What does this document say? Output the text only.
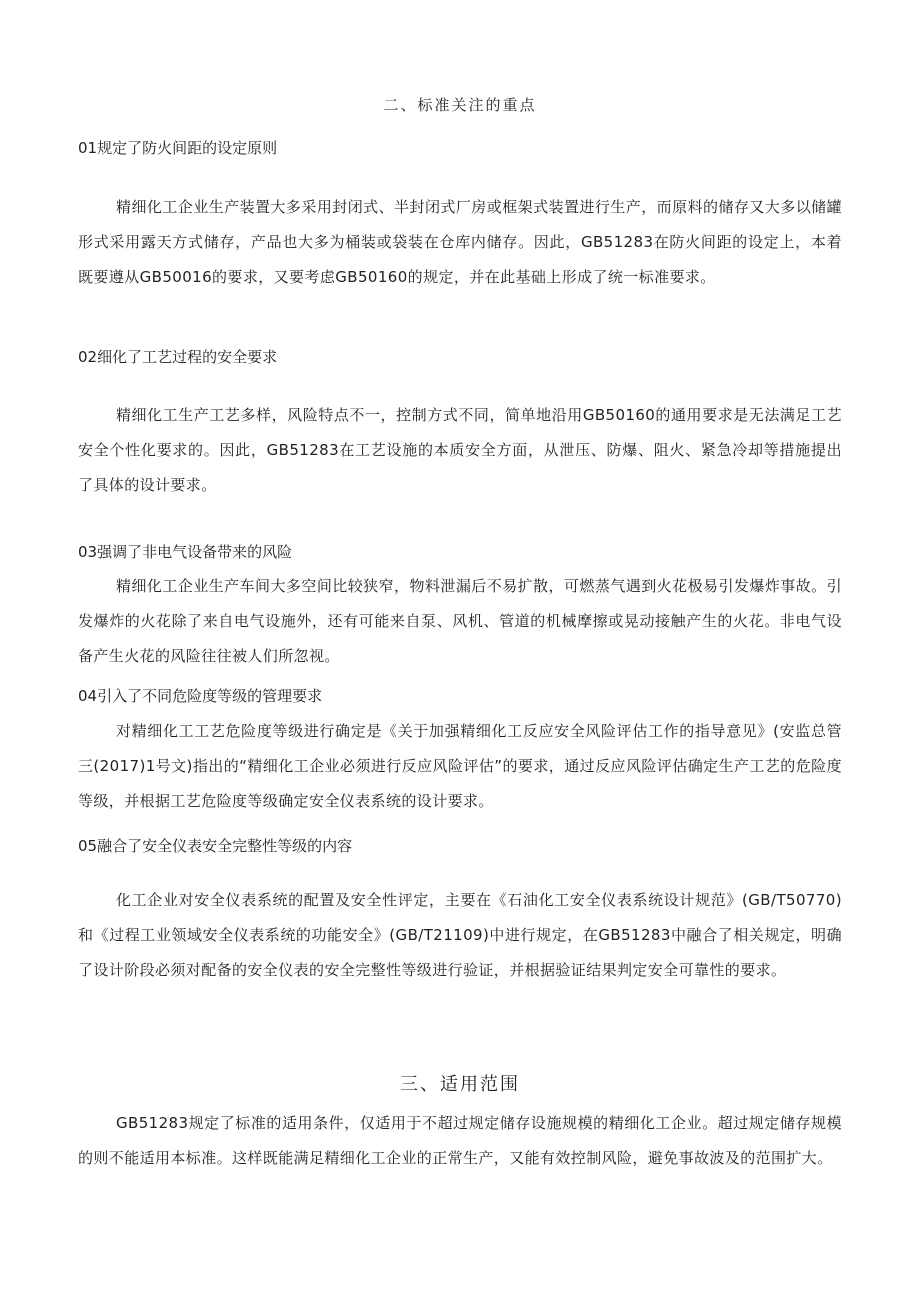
二、标准关注的重点
01规定了防火间距的设定原则

精细化工企业生产装置大多采用封闭式、半封闭式厂房或框架式装置进行生产，而原料的储存又大多以储罐形式采用露天方式储存，产品也大多为桶装或袋装在仓库内储存。因此，GB51283在防火间距的设定上，本着既要遵从GB50016的要求，又要考虑GB50160的规定，并在此基础上形成了统一标准要求。

02细化了工艺过程的安全要求

精细化工生产工艺多样，风险特点不一，控制方式不同，简单地沿用GB50160的通用要求是无法满足工艺安全个性化要求的。因此，GB51283在工艺设施的本质安全方面，从泄压、防爆、阻火、紧急冷却等措施提出了具体的设计要求。

03强调了非电气设备带来的风险

精细化工企业生产车间大多空间比较狭窄，物料泄漏后不易扩散，可燃蒸气遇到火花极易引发爆炸事故。引发爆炸的火花除了来自电气设施外，还有可能来自泵、风机、管道的机械摩擦或晃动接触产生的火花。非电气设备产生火花的风险往往被人们所忽视。

04引入了不同危险度等级的管理要求

对精细化工工艺危险度等级进行确定是《关于加强精细化工反应安全风险评估工作的指导意见》(安监总管三(2017)1号文)指出的“精细化工企业必须进行反应风险评估”的要求，通过反应风险评估确定生产工艺的危险度等级，并根据工艺危险度等级确定安全仪表系统的设计要求。

05融合了安全仪表安全完整性等级的内容

化工企业对安全仪表系统的配置及安全性评定，主要在《石油化工安全仪表系统设计规范》(GB/T50770)和《过程工业领域安全仪表系统的功能安全》(GB/T21109)中进行规定，在GB51283中融合了相关规定，明确了设计阶段必须对配备的安全仪表的安全完整性等级进行验证，并根据验证结果判定安全可靠性的要求。

三、适用范围

GB51283规定了标准的适用条件，仅适用于不超过规定储存设施规模的精细化工企业。超过规定储存规模的则不能适用本标准。这样既能满足精细化工企业的正常生产，又能有效控制风险，避免事故波及的范围扩大。
